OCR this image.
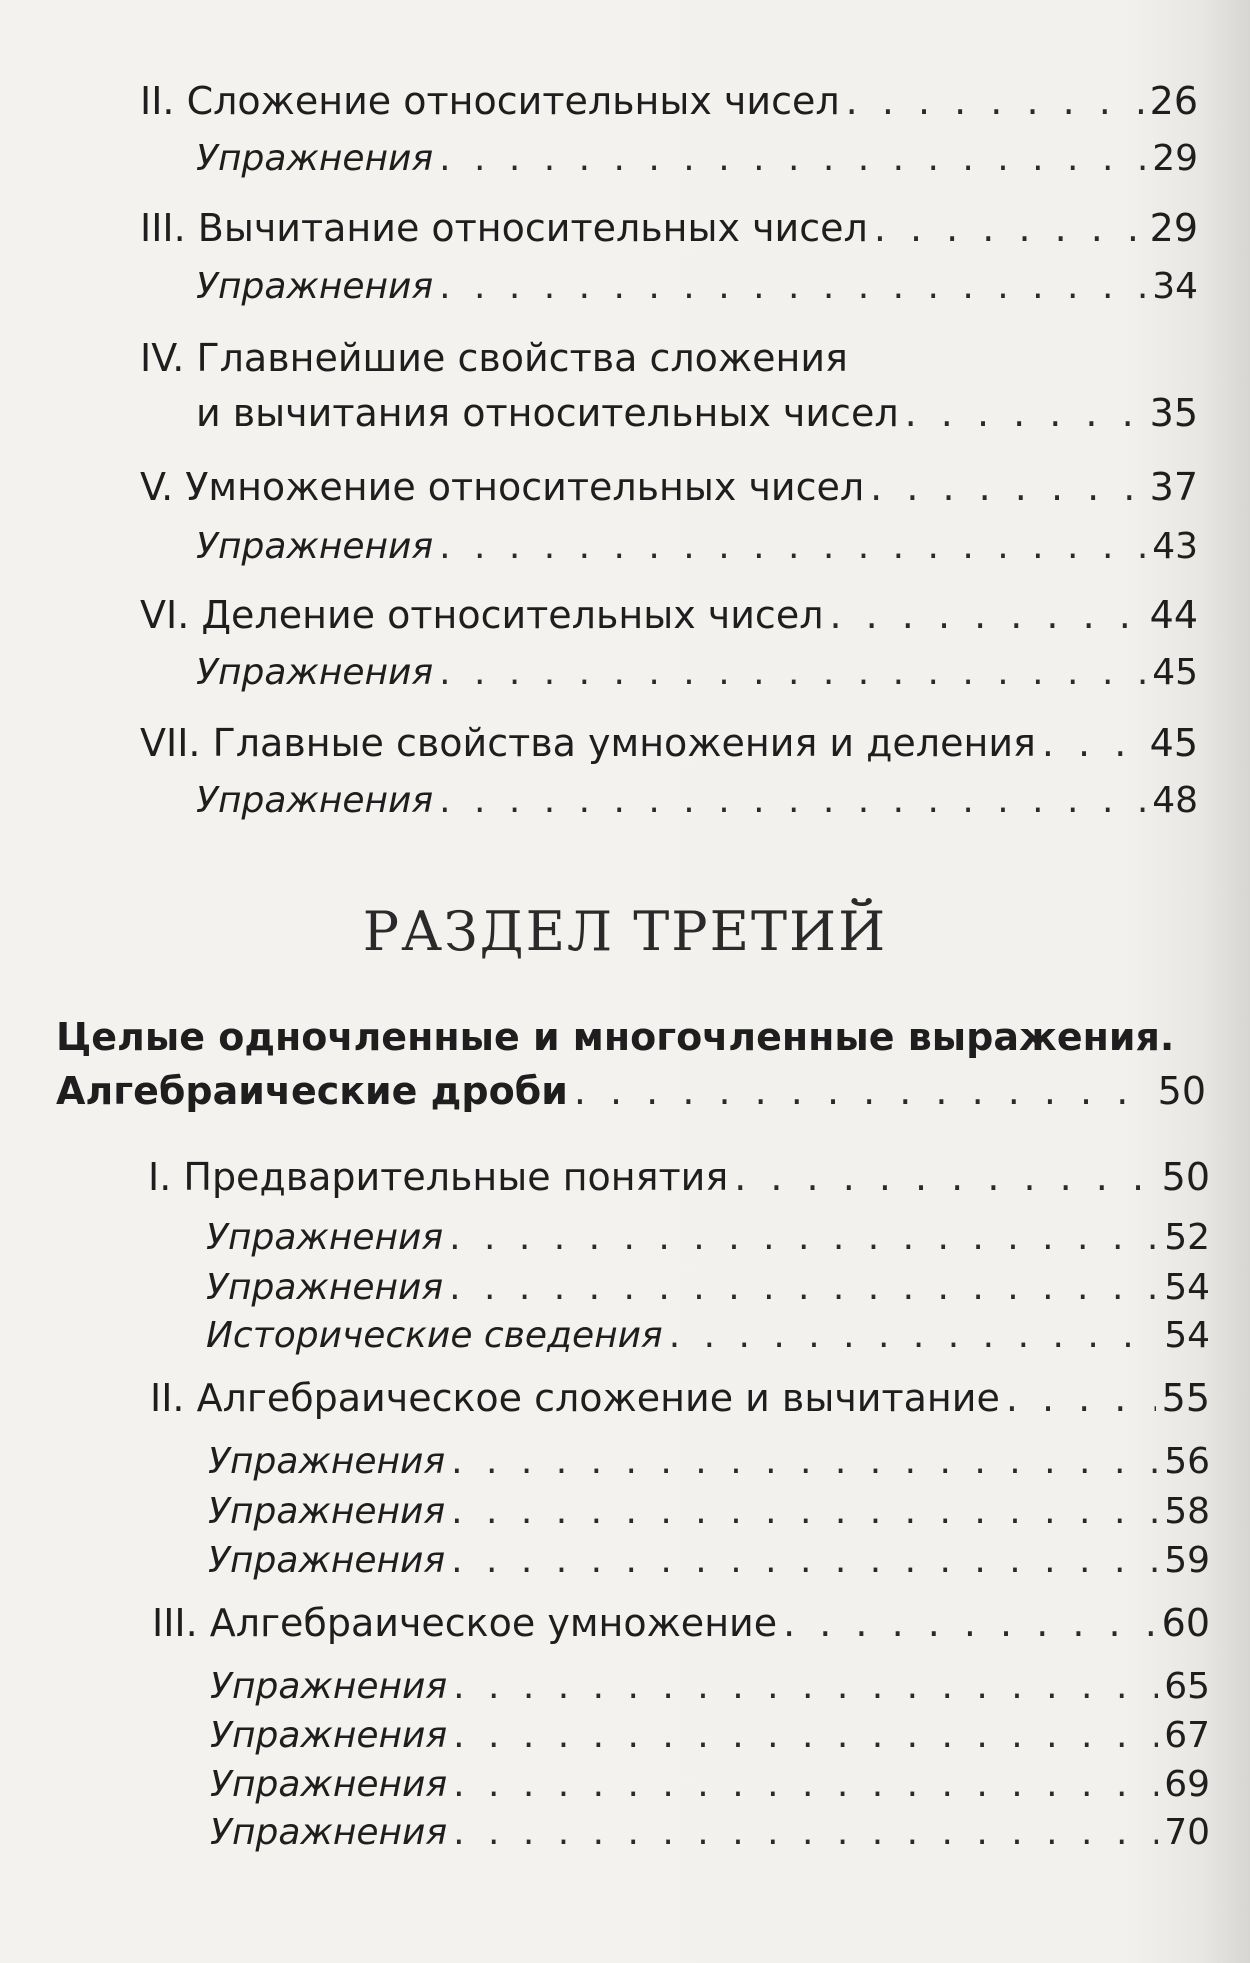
II. Сложение относительных чисел . . .	26
Упражнения . . .	29
III. Вычитание относительных чисел . . .	29
Упражнения . . .	34
IV. Главнейшие свойства сложения
и вычитания относительных чисел . . .	35
V. Умножение относительных чисел . . .	37
Упражнения . . .	43
VI. Деление относительных чисел . . .	44
Упражнения . . .	45
VII. Главные свойства умножения и деления . . .	45
Упражнения . . .	48
РАЗДЕЛ ТРЕТИЙ
Целые одночленные и многочленные выражения.
Алгебраические дроби . . .	50
I. Предварительные понятия . . .	50
Упражнения . . .	52
Упражнения . . .	54
Исторические сведения . . .	54
II. Алгебраическое сложение и вычитание . . .	55
Упражнения . . .	56
Упражнения . . .	58
Упражнения . . .	59
III. Алгебраическое умножение . . .	60
Упражнения . . .	65
Упражнения . . .	67
Упражнения . . .	69
Упражнения . . .	70
